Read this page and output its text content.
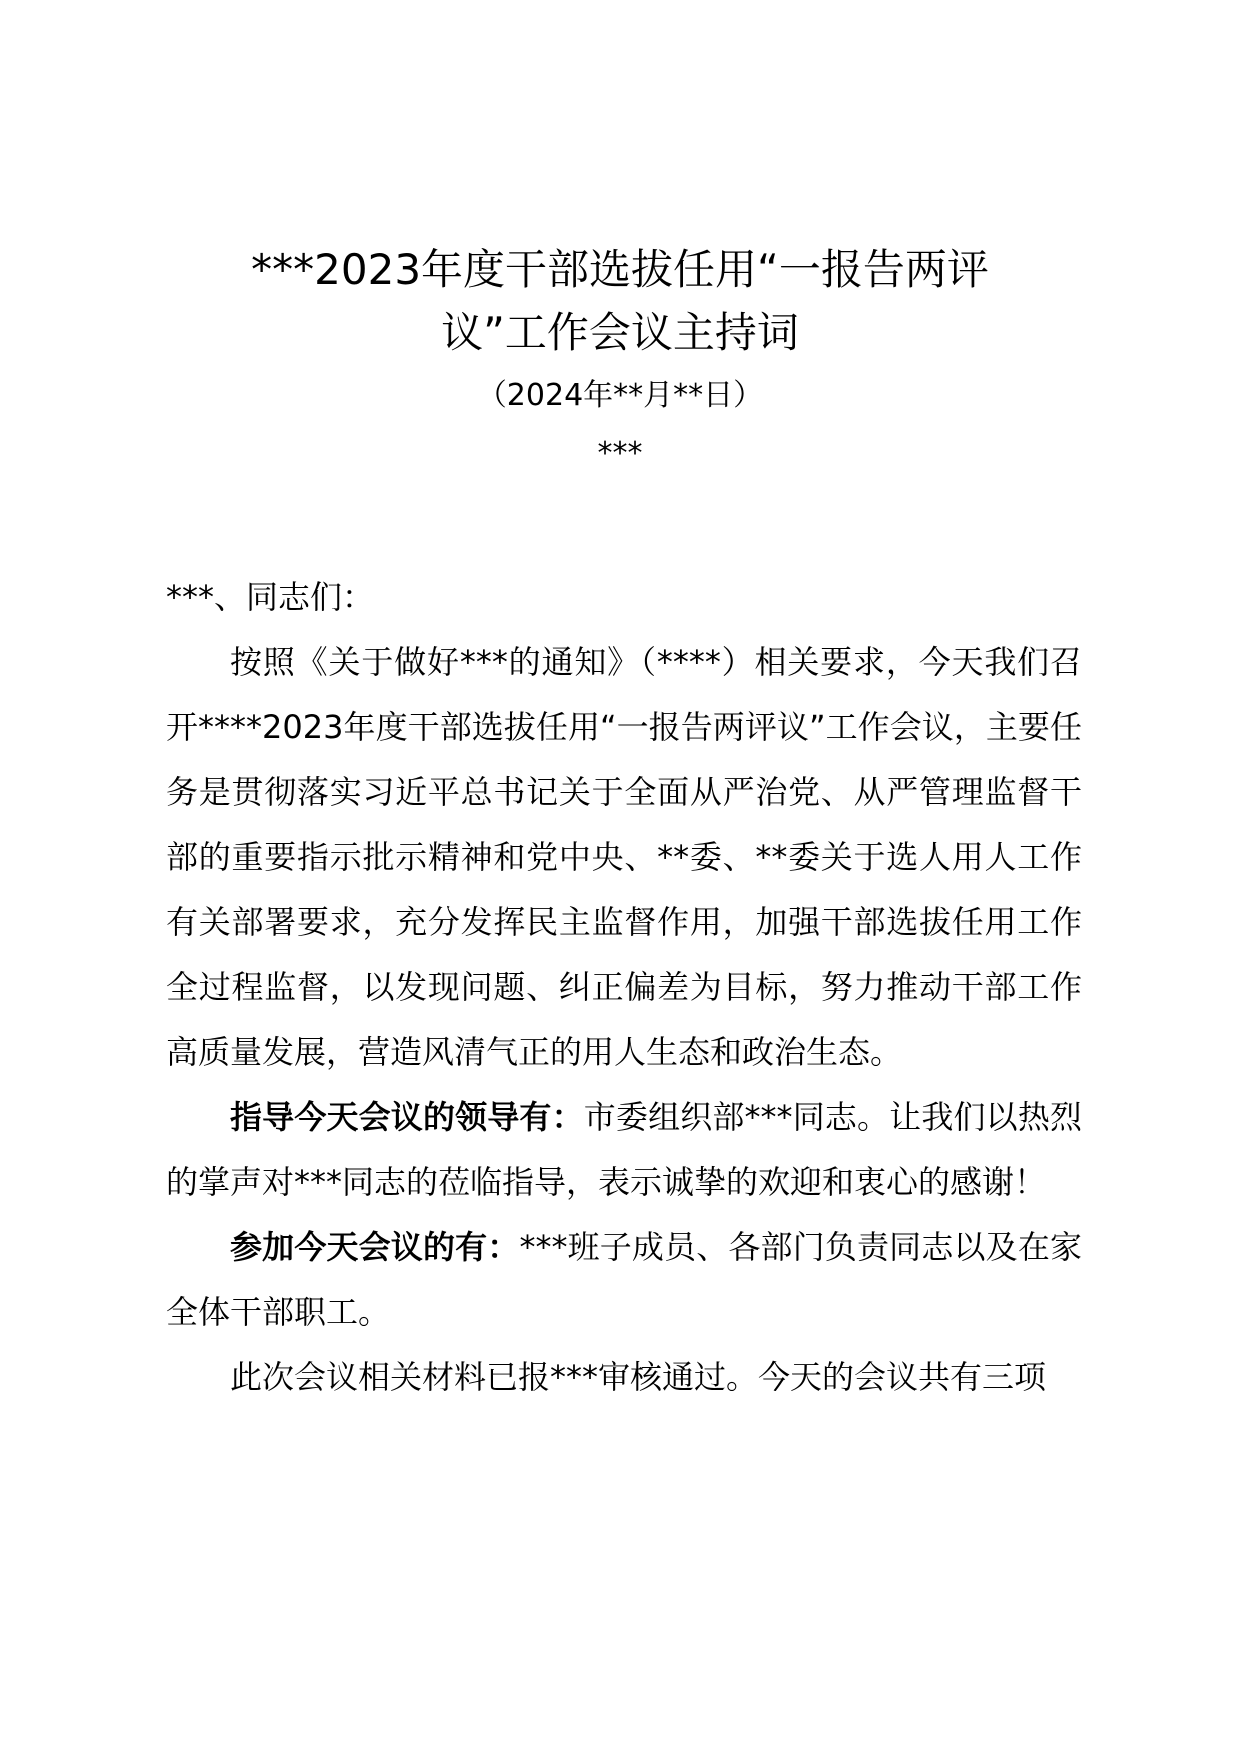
***2023年度干部选拔任用“一报告两评
议”工作会议主持词
（2024年**月**日）
***

***、同志们：

按照《关于做好***的通知》（****）相关要求，今天我们召开****2023年度干部选拔任用“一报告两评议”工作会议，主要任务是贯彻落实习近平总书记关于全面从严治党、从严管理监督干部的重要指示批示精神和党中央、**委、**委关于选人用人工作有关部署要求，充分发挥民主监督作用，加强干部选拔任用工作全过程监督，以发现问题、纠正偏差为目标，努力推动干部工作高质量发展，营造风清气正的用人生态和政治生态。

指导今天会议的领导有：市委组织部***同志。让我们以热烈的掌声对***同志的莅临指导，表示诚挚的欢迎和衷心的感谢！

参加今天会议的有：***班子成员、各部门负责同志以及在家全体干部职工。

此次会议相关材料已报***审核通过。今天的会议共有三项
